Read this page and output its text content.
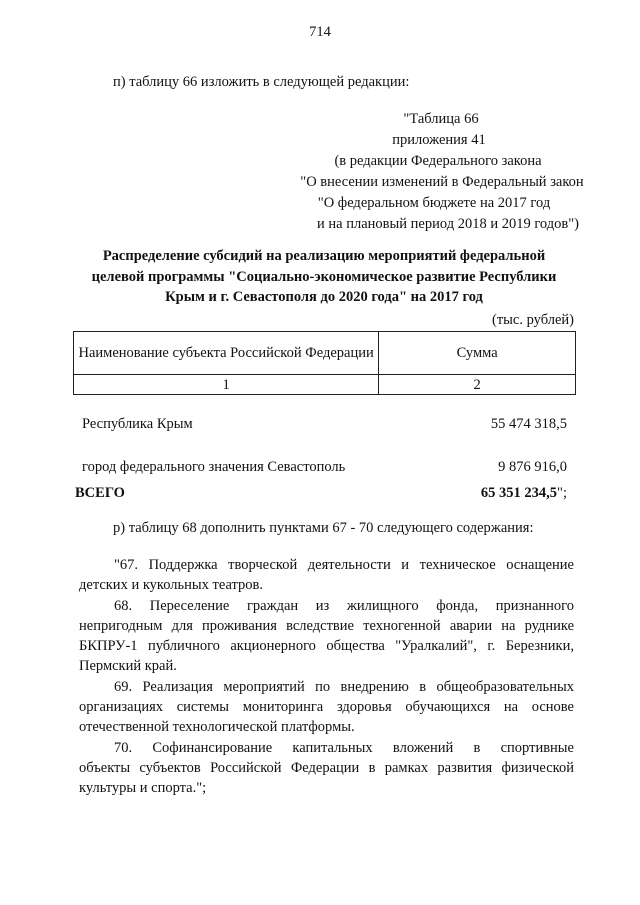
714
п) таблицу 66 изложить в следующей редакции:
"Таблица 66
приложения 41
(в редакции Федерального закона
"О внесении изменений в Федеральный закон
"О федеральном бюджете на 2017 год
и на плановый период 2018 и 2019 годов")
Распределение субсидий на реализацию мероприятий федеральной
целевой программы "Социально-экономическое развитие Республики
Крым и г. Севастополя до 2020 года" на 2017 год
(тыс. рублей)
Наименование субъекта Российской Федерации	Сумма
1	2
Республика Крым	55 474 318,5
город федерального значения Севастополь	9 876 916,0
ВСЕГО	65 351 234,5";
р) таблицу 68 дополнить пунктами 67 - 70 следующего содержания:
"67. Поддержка творческой деятельности и техническое оснащение
детских и кукольных театров.
68. Переселение граждан из жилищного фонда, признанного
непригодным для проживания вследствие техногенной аварии на руднике
БКПРУ-1 публичного акционерного общества "Уралкалий", г. Березники,
Пермский край.
69. Реализация мероприятий по внедрению в общеобразовательных
организациях системы мониторинга здоровья обучающихся на основе
отечественной технологической платформы.
70. Софинансирование капитальных вложений в спортивные
объекты субъектов Российской Федерации в рамках развития физической
культуры и спорта.";
